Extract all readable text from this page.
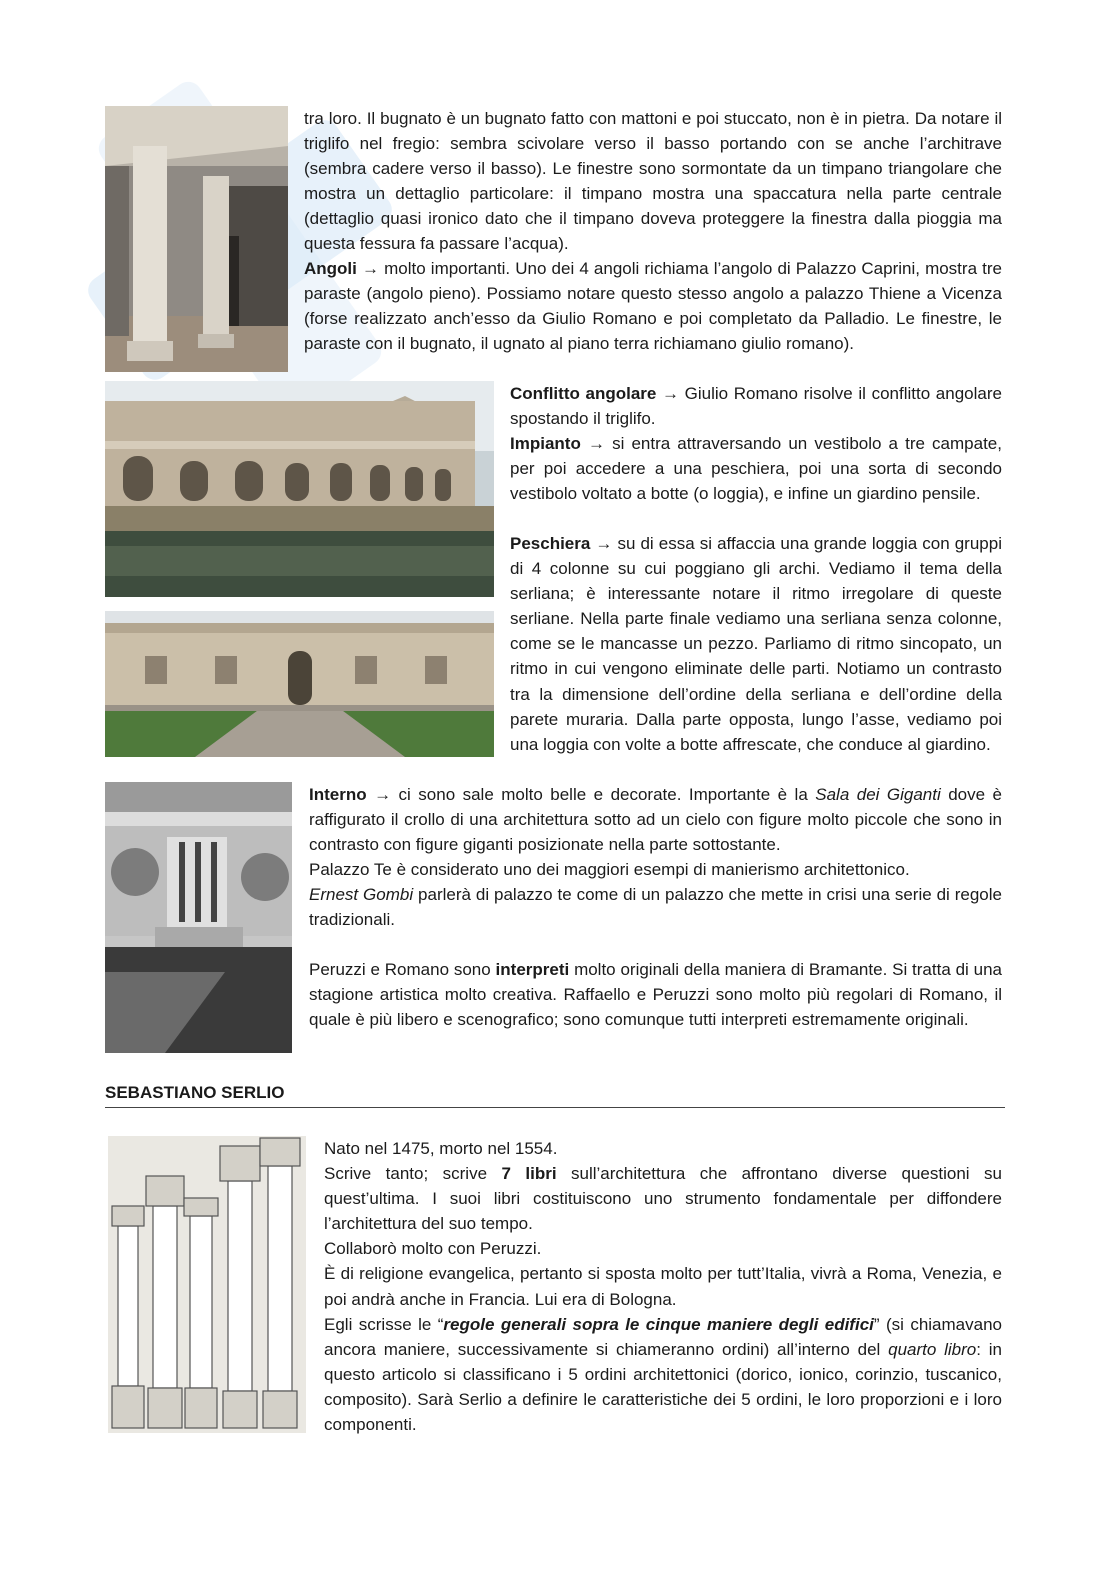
tra loro. Il bugnato è un bugnato fatto con mattoni e poi stuccato, non è in pietra. Da notare il triglifo nel fregio: sembra scivolare verso il basso portando con se anche l’architrave (sembra cadere verso il basso). Le finestre sono sormontate da un timpano triangolare che mostra un dettaglio particolare: il timpano mostra una spaccatura nella parte centrale (dettaglio quasi ironico dato che il timpano doveva proteggere la finestra dalla pioggia ma questa fessura fa passare l’acqua).

Angoli → molto importanti. Uno dei 4 angoli richiama l’angolo di Palazzo Caprini, mostra tre paraste (angolo pieno). Possiamo notare questo stesso angolo a palazzo Thiene a Vicenza (forse realizzato anch’esso da Giulio Romano e poi completato da Palladio. Le finestre, le paraste con il bugnato, il ugnato al piano terra richiamano giulio romano).

Conflitto angolare → Giulio Romano risolve il conflitto angolare spostando il triglifo.

Impianto → si entra attraversando un vestibolo a tre campate, per poi accedere a una peschiera, poi una sorta di secondo vestibolo voltato a botte (o loggia), e infine un giardino pensile.

Peschiera → su di essa si affaccia una grande loggia con gruppi di 4 colonne su cui poggiano gli archi. Vediamo il tema della serliana; è interessante notare il ritmo irregolare di queste serliane. Nella parte finale vediamo una serliana senza colonne, come se le mancasse un pezzo. Parliamo di ritmo sincopato, un ritmo in cui vengono eliminate delle parti. Notiamo un contrasto tra la dimensione dell’ordine della serliana e dell’ordine della parete muraria. Dalla parte opposta, lungo l’asse, vediamo poi una loggia con volte a botte affrescate, che conduce al giardino.

Interno → ci sono sale molto belle e decorate. Importante è la Sala dei Giganti dove è raffigurato il crollo di una architettura sotto ad un cielo con figure molto piccole che sono in contrasto con figure giganti posizionate nella parte sottostante.

Palazzo Te è considerato uno dei maggiori esempi di manierismo architettonico.
Ernest Gombi parlerà di palazzo te come di un palazzo che mette in crisi una serie di regole tradizionali.

Peruzzi e Romano sono interpreti molto originali della maniera di Bramante. Si tratta di una stagione artistica molto creativa. Raffaello e Peruzzi sono molto più regolari di Romano, il quale è più libero e scenografico; sono comunque tutti interpreti estremamente originali.

SEBASTIANO SERLIO

Nato nel 1475, morto nel 1554.
Scrive tanto; scrive 7 libri sull’architettura che affrontano diverse questioni su quest’ultima. I suoi libri costituiscono uno strumento fondamentale per diffondere l’architettura del suo tempo.
Collaborò molto con Peruzzi.
È di religione evangelica, pertanto si sposta molto per tutt’Italia, vivrà a Roma, Venezia, e poi andrà anche in Francia. Lui era di Bologna.
Egli scrisse le “regole generali sopra le cinque maniere degli edifici” (si chiamavano ancora maniere, successivamente si chiameranno ordini) all’interno del quarto libro: in questo articolo si classificano i 5 ordini architettonici (dorico, ionico, corinzio, tuscanico, composito). Sarà Serlio a definire le caratteristiche dei 5 ordini, le loro proporzioni e i loro componenti.
